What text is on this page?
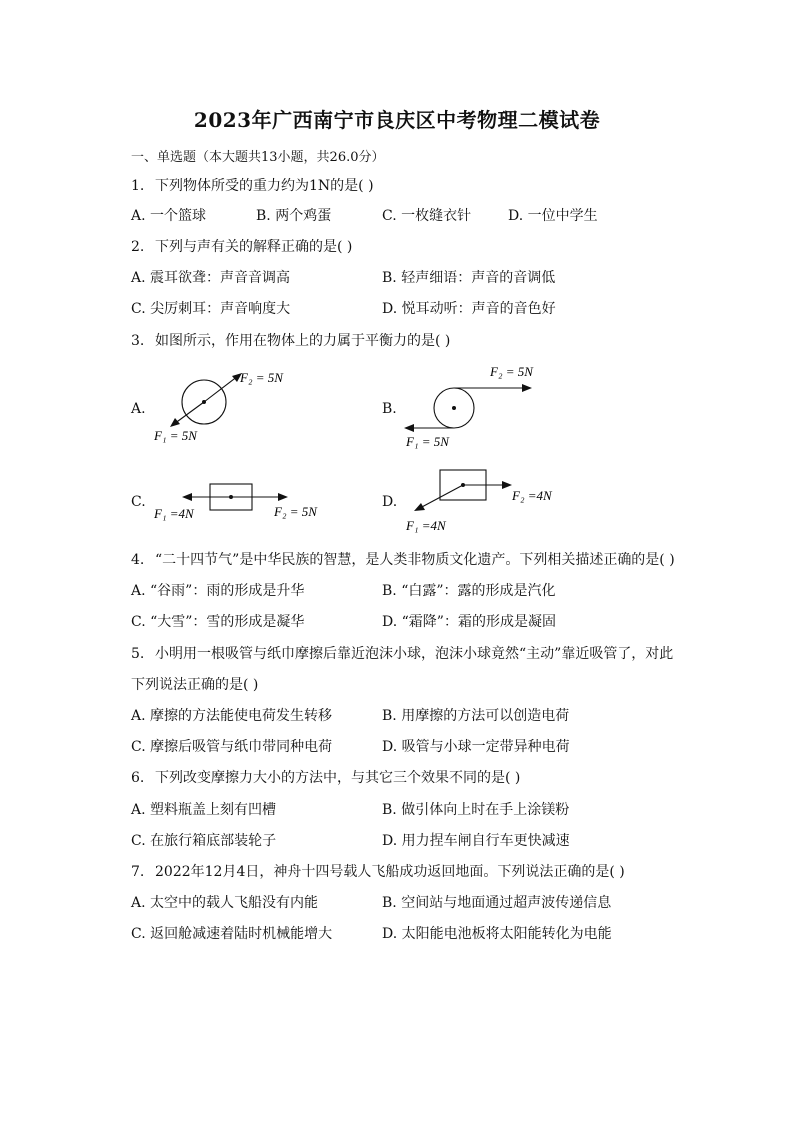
2023年广西南宁市良庆区中考物理二模试卷
一、单选题（本大题共13小题，共26.0分）
1. 下列物体所受的重力约为1N的是( )
A. 一个篮球	B. 两个鸡蛋	C. 一枚缝衣针	D. 一位中学生
2. 下列与声有关的解释正确的是( )
A. 震耳欲聋：声音音调高	B. 轻声细语：声音的音调低
C. 尖厉刺耳：声音响度大	D. 悦耳动听：声音的音色好
3. 如图所示，作用在物体上的力属于平衡力的是( )
A.
F₂ = 5N
F₁ = 5N
B.
F₂ = 5N
F₁ = 5N
C.
F₁ =4N	F₂ = 5N
D.	F₂ =4N
F₁ =4N
4. “二十四节气”是中华民族的智慧，是人类非物质文化遗产。下列相关描述正确的是( )
A. “谷雨”：雨的形成是升华	B. “白露”：露的形成是汽化
C. “大雪”：雪的形成是凝华	D. “霜降”：霜的形成是凝固
5. 小明用一根吸管与纸巾摩擦后靠近泡沫小球，泡沫小球竟然“主动”靠近吸管了，对此
下列说法正确的是( )
A. 摩擦的方法能使电荷发生转移	B. 用摩擦的方法可以创造电荷
C. 摩擦后吸管与纸巾带同种电荷	D. 吸管与小球一定带异种电荷
6. 下列改变摩擦力大小的方法中，与其它三个效果不同的是( )
A. 塑料瓶盖上刻有凹槽	B. 做引体向上时在手上涂镁粉
C. 在旅行箱底部装轮子	D. 用力捏车闸自行车更快减速
7. 2022年12月4日，神舟十四号载人飞船成功返回地面。下列说法正确的是( )
A. 太空中的载人飞船没有内能	B. 空间站与地面通过超声波传递信息
C. 返回舱减速着陆时机械能增大	D. 太阳能电池板将太阳能转化为电能
